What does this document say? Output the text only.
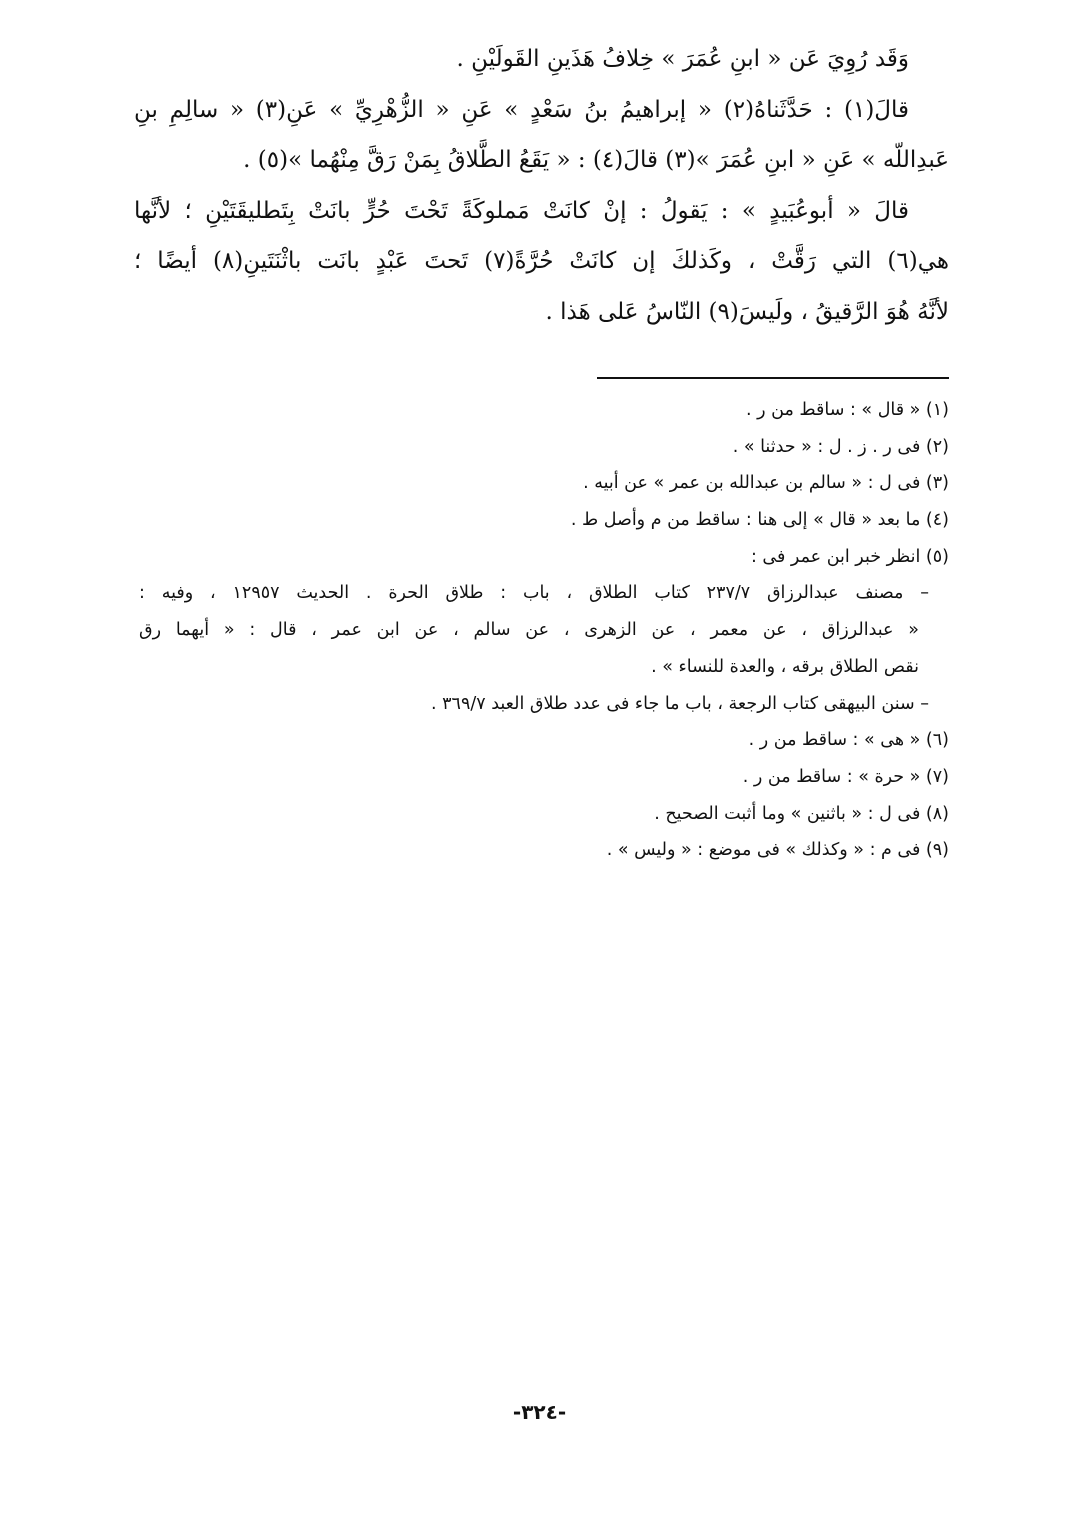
وَقَد رُوِيَ عَن « ابنِ عُمَرَ » خِلافُ هَذَينِ القَولَيْنِ .
قالَ(١) : حَدَّثَناهُ(٢) « إبراهيمُ بنُ سَعْدٍ » عَنِ « الزُّهْرِيِّ » عَنِ(٣) « سالِمِ بنِ
عَبدِاللّه » عَنِ « ابنِ عُمَرَ »(٣) قالَ(٤) : « يَقَعُ الطَّلاقُ بِمَنْ رَقَّ مِنْهُما »(٥) .
قالَ « أبوعُبَيدٍ » : يَقولُ : إنْ كانَتْ مَملوكَةً تَحْتَ حُرٍّ بانَتْ بِتَطليقَتَيْنِ ؛ لأنَّها
هي(٦) التي رَقَّتْ ، وكَذلكَ إن كانَتْ حُرَّةً(٧) تَحتَ عَبْدٍ بانَت باثْنَتَينِ(٨) أيضًا ؛
لأنَّهُ هُوَ الرَّقيقُ ، ولَيسَ(٩) النّاسُ عَلى هَذا .
(١) « قال » : ساقط من ر .
(٢) فى ر . ز . ل : « حدثنا » .
(٣) فى ل : « سالم بن عبدالله بن عمر » عن أبيه .
(٤) ما بعد « قال » إلى هنا : ساقط من م وأصل ط .
(٥) انظر خبر ابن عمر فى :
– مصنف عبدالرزاق ٢٣٧/٧ كتاب الطلاق ، باب : طلاق الحرة . الحديث ١٢٩٥٧ ، وفيه :
« عبدالرزاق ، عن معمر ، عن الزهرى ، عن سالم ، عن ابن عمر ، قال : « أيهما رق
نقص الطلاق برقه ، والعدة للنساء » .
– سنن البيهقى كتاب الرجعة ، باب ما جاء فى عدد طلاق العبد ٣٦٩/٧ .
(٦) « هى » : ساقط من ر .
(٧) « حرة » : ساقط من ر .
(٨) فى ل : « باثنين » وما أثبت الصحيح .
(٩) فى م : « وكذلك » فى موضع : « وليس » .
-٣٢٤-
